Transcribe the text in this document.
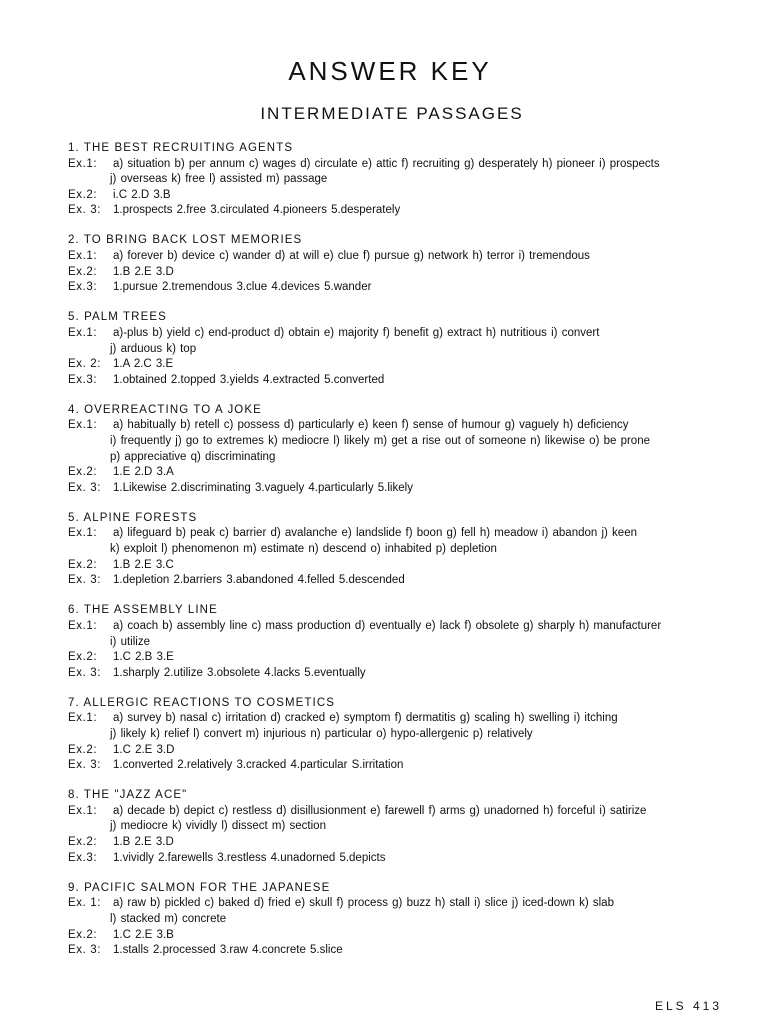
ANSWER KEY
INTERMEDIATE PASSAGES
1. THE BEST RECRUITING AGENTS
Ex.1:	a) situation b) per annum c) wages d) circulate e) attic f) recruiting g) desperately h) pioneer i) prospects
j) overseas k) free l) assisted m) passage
Ex.2:	i.C 2.D 3.B
Ex. 3:	1.prospects 2.free 3.circulated 4.pioneers 5.desperately
2. TO BRING BACK LOST MEMORIES
Ex.1:	a) forever b) device c) wander d) at will e) clue f) pursue g) network h) terror i) tremendous
Ex.2:	1.B 2.E 3.D
Ex.3:	1.pursue 2.tremendous 3.clue 4.devices 5.wander
5. PALM TREES
Ex.1:	a)-plus b) yield c) end-product d) obtain e) majority f) benefit g) extract h) nutritious i) convert
j) arduous k) top
Ex. 2:	1.A 2.C 3.E
Ex.3:	1.obtained 2.topped 3.yields 4.extracted 5.converted
4. OVERREACTING TO A JOKE
Ex.1:	a) habitually b) retell c) possess d) particularly e) keen f) sense of humour g) vaguely h) deficiency
i) frequently j) go to extremes k) mediocre l) likely m) get a rise out of someone n) likewise o) be prone
p) appreciative q) discriminating
Ex.2:	1.E 2.D 3.A
Ex. 3:	1.Likewise 2.discriminating 3.vaguely 4.particularly 5.likely
5. ALPINE FORESTS
Ex.1:	a) lifeguard b) peak c) barrier d) avalanche e) landslide f) boon g) fell h) meadow i) abandon j) keen
k) exploit l) phenomenon m) estimate n) descend o) inhabited p) depletion
Ex.2:	1.B 2.E 3.C
Ex. 3:	1.depletion 2.barriers 3.abandoned 4.felled 5.descended
6. THE ASSEMBLY LINE
Ex.1:	a) coach b) assembly line c) mass production d) eventually e) lack f) obsolete g) sharply h) manufacturer
i) utilize
Ex.2:	1.C 2.B 3.E
Ex. 3:	1.sharply 2.utilize 3.obsolete 4.lacks 5.eventually
7. ALLERGIC REACTIONS TO COSMETICS
Ex.1:	a) survey b) nasal c) irritation d) cracked e) symptom f) dermatitis g) scaling h) swelling i) itching
j) likely k) relief l) convert m) injurious n) particular o) hypo-allergenic p) relatively
Ex.2:	1.C 2.E 3.D
Ex. 3:	1.converted 2.relatively 3.cracked 4.particular S.irritation
8. THE "JAZZ ACE"
Ex.1:	a) decade b) depict c) restless d) disillusionment e) farewell f) arms g) unadorned h) forceful i) satirize
j) mediocre k) vividly l) dissect m) section
Ex.2:	1.B 2.E 3.D
Ex.3:	1.vividly 2.farewells 3.restless 4.unadorned 5.depicts
9. PACIFIC SALMON FOR THE JAPANESE
Ex. 1:	a) raw b) pickled c) baked d) fried e) skull f) process g) buzz h) stall i) slice j) iced-down k) slab
l) stacked m) concrete
Ex.2:	1.C 2.E 3.B
Ex. 3:	1.stalls 2.processed 3.raw 4.concrete 5.slice
ELS 413
